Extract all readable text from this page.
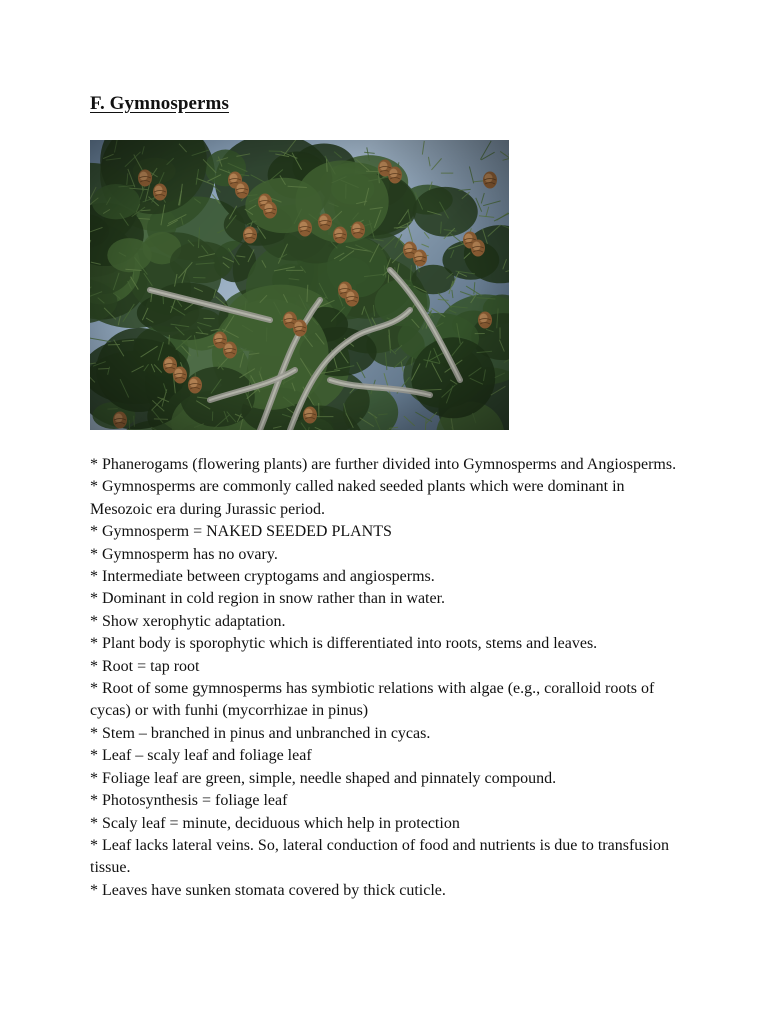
F. Gymnosperms
* Phanerogams (flowering plants) are further divided into Gymnosperms and Angiosperms.
* Gymnosperms are commonly called naked seeded plants which were dominant in Mesozoic era during Jurassic period.
* Gymnosperm = NAKED SEEDED PLANTS
* Gymnosperm has no ovary.
* Intermediate between cryptogams and angiosperms.
* Dominant in cold region in snow rather than in water.
* Show xerophytic adaptation.
* Plant body is sporophytic which is differentiated into roots, stems and leaves.
* Root = tap root
* Root of some gymnosperms has symbiotic relations with algae (e.g., coralloid roots of cycas) or with funhi (mycorrhizae in pinus)
* Stem – branched in pinus and unbranched in cycas.
* Leaf – scaly leaf and foliage leaf
* Foliage leaf are green, simple, needle shaped and pinnately compound.
* Photosynthesis = foliage leaf
* Scaly leaf = minute, deciduous which help in protection
* Leaf lacks lateral veins. So, lateral conduction of food and nutrients is due to transfusion tissue.
* Leaves have sunken stomata covered by thick cuticle.
